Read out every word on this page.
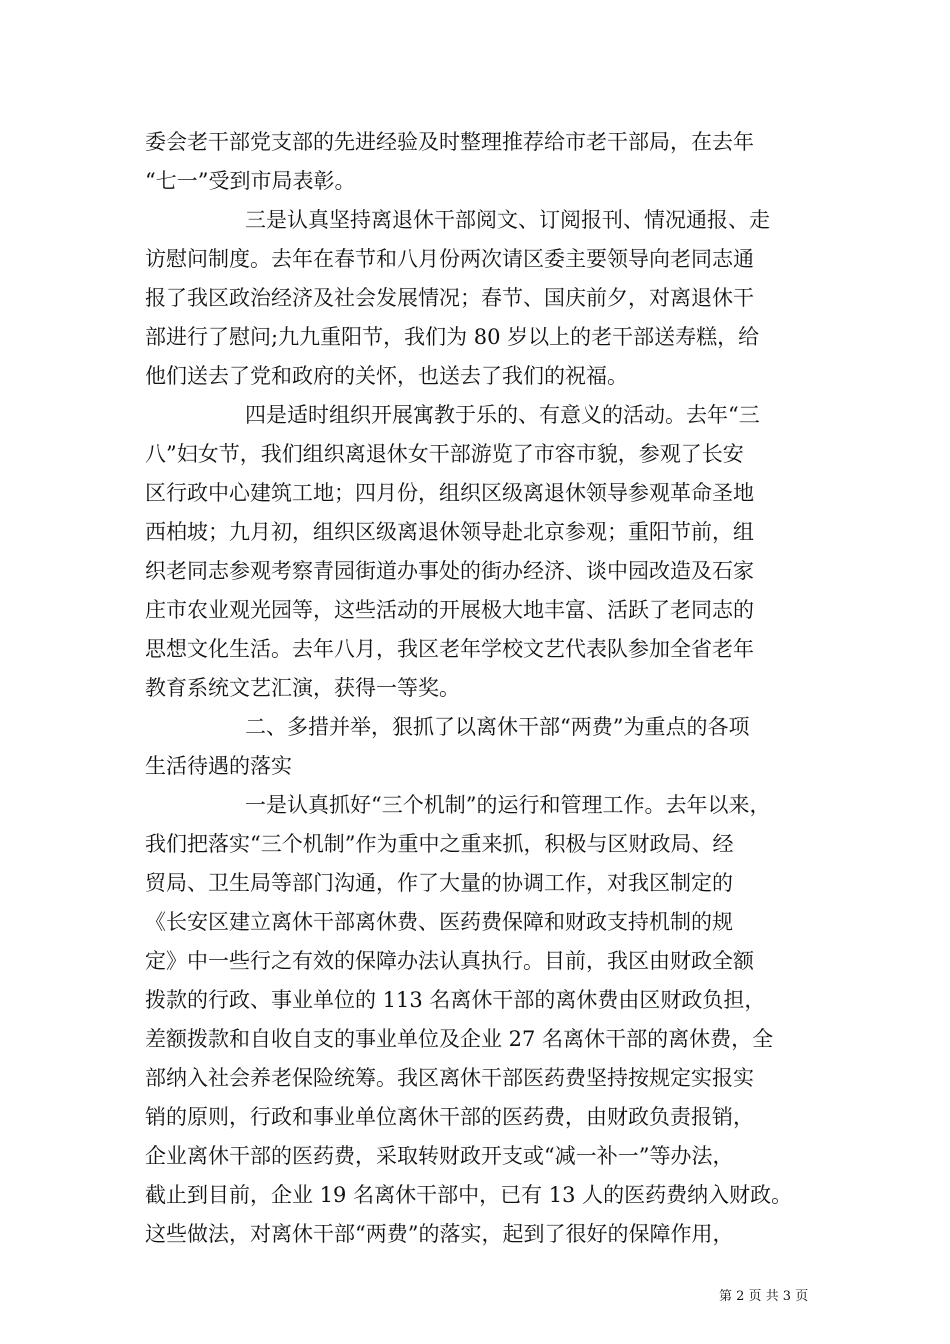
委会老干部党支部的先进经验及时整理推荐给市老干部局，在去年
“七一”受到市局表彰。
三是认真坚持离退休干部阅文、订阅报刊、情况通报、走
访慰问制度。去年在春节和八月份两次请区委主要领导向老同志通
报了我区政治经济及社会发展情况；春节、国庆前夕，对离退休干
部进行了慰问;九九重阳节，我们为 80 岁以上的老干部送寿糕，给
他们送去了党和政府的关怀，也送去了我们的祝福。
四是适时组织开展寓教于乐的、有意义的活动。去年“三
八”妇女节，我们组织离退休女干部游览了市容市貌，参观了长安
区行政中心建筑工地；四月份，组织区级离退休领导参观革命圣地
西柏坡；九月初，组织区级离退休领导赴北京参观；重阳节前，组
织老同志参观考察青园街道办事处的街办经济、谈中园改造及石家
庄市农业观光园等，这些活动的开展极大地丰富、活跃了老同志的
思想文化生活。去年八月，我区老年学校文艺代表队参加全省老年
教育系统文艺汇演，获得一等奖。
二、多措并举，狠抓了以离休干部“两费”为重点的各项
生活待遇的落实
一是认真抓好“三个机制”的运行和管理工作。去年以来，
我们把落实“三个机制”作为重中之重来抓，积极与区财政局、经
贸局、卫生局等部门沟通，作了大量的协调工作，对我区制定的
《长安区建立离休干部离休费、医药费保障和财政支持机制的规
定》中一些行之有效的保障办法认真执行。目前，我区由财政全额
拨款的行政、事业单位的 113 名离休干部的离休费由区财政负担，
差额拨款和自收自支的事业单位及企业 27 名离休干部的离休费，全
部纳入社会养老保险统筹。我区离休干部医药费坚持按规定实报实
销的原则，行政和事业单位离休干部的医药费，由财政负责报销，
企业离休干部的医药费，采取转财政开支或“减一补一”等办法，
截止到目前，企业 19 名离休干部中，已有 13 人的医药费纳入财政。
这些做法，对离休干部“两费”的落实，起到了很好的保障作用，
第 2 页 共 3 页
